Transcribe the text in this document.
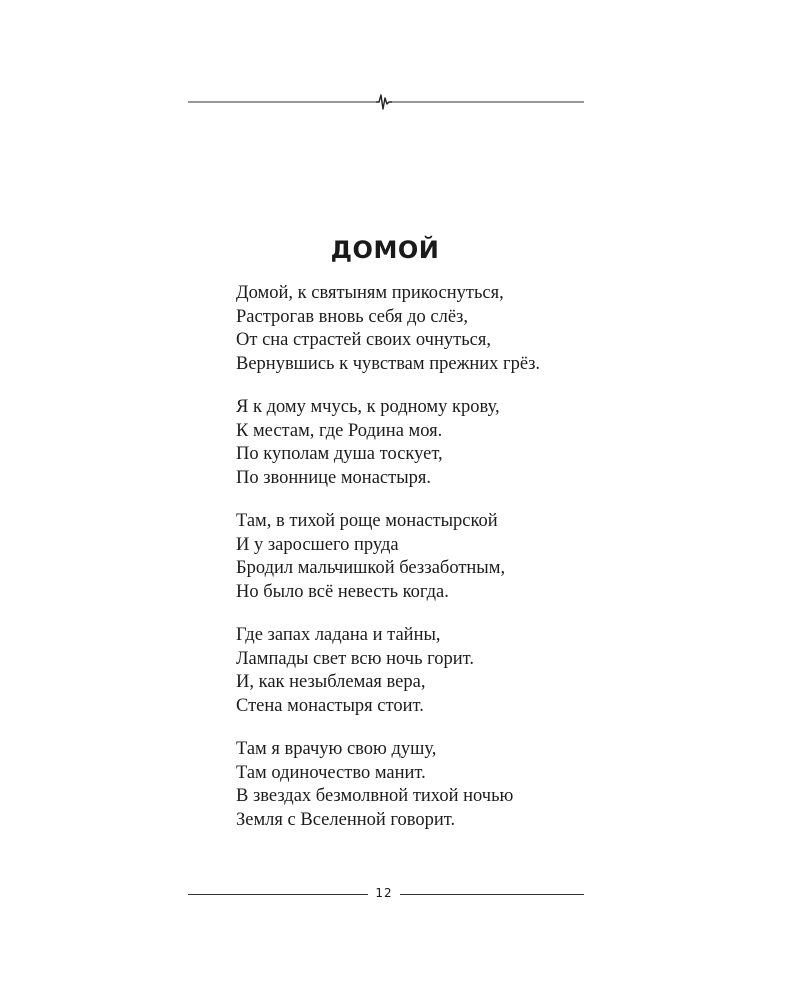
ДОМОЙ
Домой, к святыням прикоснуться,
Растрогав вновь себя до слёз,
От сна страстей своих очнуться,
Вернувшись к чувствам прежних грёз.
Я к дому мчусь, к родному крову,
К местам, где Родина моя.
По куполам душа тоскует,
По звоннице монастыря.
Там, в тихой роще монастырской
И у заросшего пруда
Бродил мальчишкой беззаботным,
Но было всё невесть когда.
Где запах ладана и тайны,
Лампады свет всю ночь горит.
И, как незыблемая вера,
Стена монастыря стоит.
Там я врачую свою душу,
Там одиночество манит.
В звездах безмолвной тихой ночью
Земля с Вселенной говорит.
12
